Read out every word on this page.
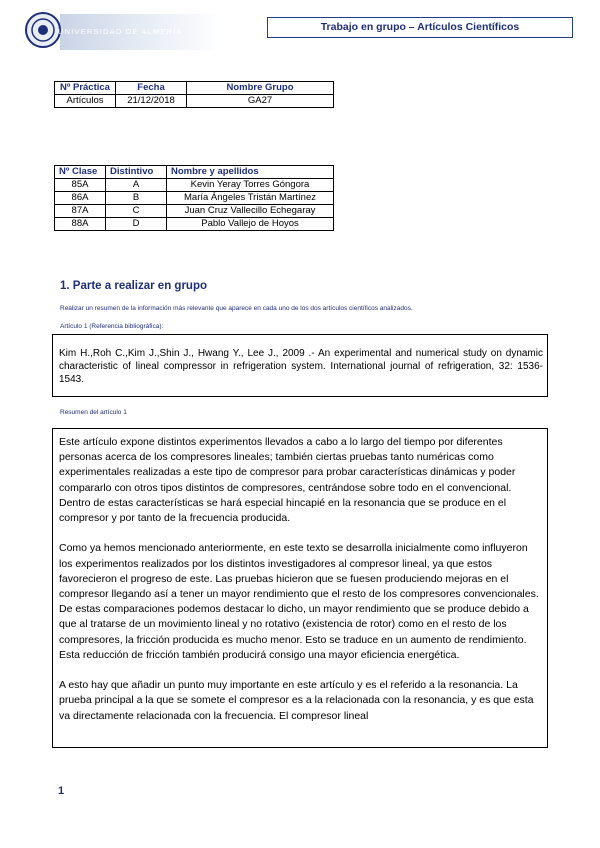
UNIVERSIDAD DE ALMERÍA	Trabajo en grupo – Artículos Científicos
Nº Práctica	Fecha	Nombre Grupo
Artículos	21/12/2018	GA27
Nº Clase	Distintivo	Nombre y apellidos
85A	A	Kevin Yeray Torres Góngora
86A	B	María Ángeles Tristán Martínez
87A	C	Juan Cruz Vallecillo Echegaray
88A	D	Pablo Vallejo de Hoyos
1. Parte a realizar en grupo
Realizar un resumen de la información más relevante que aparece en cada uno de los dos artículos científicos analizados.
Artículo 1 (Referencia bibliográfica):
Kim H.,Roh C.,Kim J.,Shin J., Hwang Y., Lee J., 2009 .- An experimental and numerical study on dynamic characteristic of lineal compressor in refrigeration system. International journal of refrigeration, 32: 1536-1543.
Resumen del artículo 1

Este artículo expone distintos experimentos llevados a cabo a lo largo del tiempo por diferentes personas acerca de los compresores lineales; también ciertas pruebas tanto numéricas como experimentales realizadas a este tipo de compresor para probar características dinámicas y poder compararlo con otros tipos distintos de compresores, centrándose sobre todo en el convencional. Dentro de estas características se hará especial hincapié en la resonancia que se produce en el compresor y por tanto de la frecuencia producida.

Como ya hemos mencionado anteriormente, en este texto se desarrolla inicialmente como influyeron los experimentos realizados por los distintos investigadores al compresor lineal, ya que estos favorecieron el progreso de este. Las pruebas hicieron que se fuesen produciendo mejoras en el compresor llegando así a tener un mayor rendimiento que el resto de los compresores convencionales. De estas comparaciones podemos destacar lo dicho, un mayor rendimiento que se produce debido a que al tratarse de un movimiento lineal y no rotativo (existencia de rotor) como en el resto de los compresores, la fricción producida es mucho menor. Esto se traduce en un aumento de rendimiento. Esta reducción de fricción también producirá consigo una mayor eficiencia energética.

A esto hay que añadir un punto muy importante en este artículo y es el referido a la resonancia. La prueba principal a la que se somete el compresor es a la relacionada con la resonancia, y es que esta va directamente relacionada con la frecuencia. El compresor lineal

1
